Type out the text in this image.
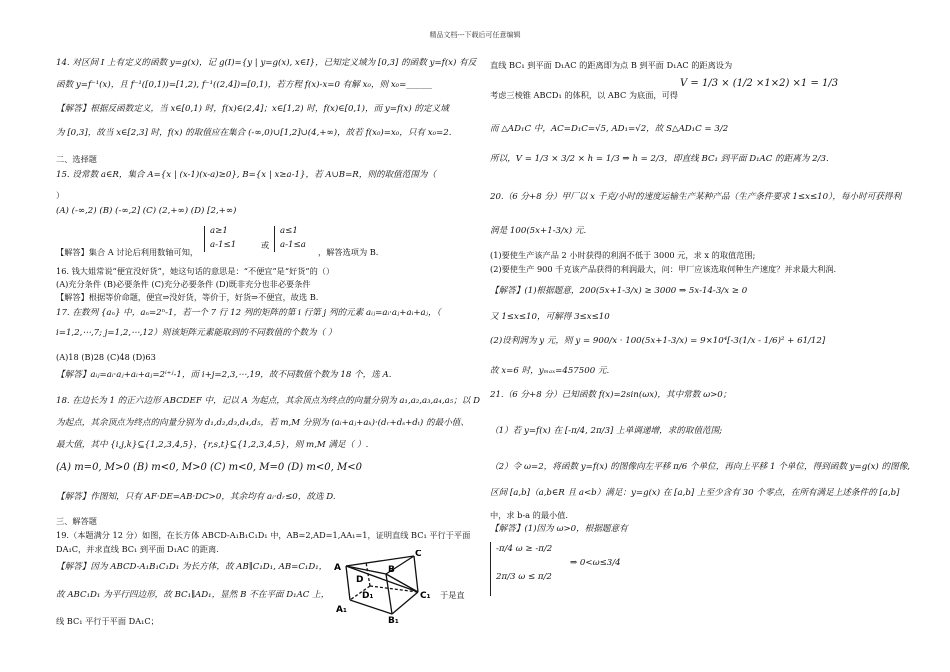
精品文档---下载后可任意编辑
14. 对区间 I 上有定义的函数 y=g(x)，记 g(I)={y | y=g(x), x∈I}，已知定义域为 [0,3] 的函数 y=f(x) 有反
函数 y=f⁻¹(x)，且 f⁻¹([0,1))=[1,2), f⁻¹((2,4])=[0,1)，若方程 f(x)-x=0 有解 x₀，则 x₀=______
【解答】根据反函数定义，当 x∈[0,1) 时，f(x)∈(2,4]；x∈[1,2) 时，f(x)∈[0,1)，而 y=f(x) 的定义域
为 [0,3]，故当 x∈[2,3] 时，f(x) 的取值应在集合 (-∞,0)∪[1,2]∪(4,+∞)，故若 f(x₀)=x₀，只有 x₀=2.
二、选择题
15. 设常数 a∈R，集合 A={x | (x-1)(x-a)≥0}, B={x | x≥a-1}，若 A∪B=R，则的取值范围为（
）
(A) (-∞,2) (B) (-∞,2] (C) (2,+∞) (D) [2,+∞)
a≥1
a-1≤1	或
a≤1
a-1≤a
【解答】集合 A 讨论后利用数轴可知，	，解答选项为 B.
16. 钱大姐常说“便宜没好货”，她这句话的意思是：“不便宜”是“好货”的（）
(A)充分条件 (B)必要条件 (C)充分必要条件 (D)既非充分也非必要条件
【解答】根据等价命题，便宜⇒没好货，等价于，好货⇒不便宜，故选 B.
17. 在数列 {aₙ} 中，aₙ=2ⁿ-1，若一个 7 行 12 列的矩阵的第 i 行第 j 列的元素 aᵢⱼ=aᵢ·aⱼ+aᵢ+aⱼ，（
i=1,2,⋯,7; j=1,2,⋯,12）则该矩阵元素能取到的不同数值的个数为（ ）
(A)18 (B)28 (C)48 (D)63
【解答】aᵢⱼ=aᵢ·aⱼ+aᵢ+aⱼ=2ⁱ⁺ʲ-1，而 i+j=2,3,⋯,19，故不同数值个数为 18 个，选 A.
18. 在边长为 1 的正六边形 ABCDEF 中，记以 A 为起点，其余顶点为终点的向量分别为 a₁,a₂,a₃,a₄,a₅；以 D
为起点，其余顶点为终点的向量分别为 d₁,d₂,d₃,d₄,d₅，若 m,M 分别为 (aᵢ+aⱼ+aₖ)·(dᵣ+dₛ+dₜ) 的最小值、
最大值，其中 {i,j,k}⊆{1,2,3,4,5}，{r,s,t}⊆{1,2,3,4,5}，则 m,M 满足（ ）.
(A) m=0, M>0 (B) m<0, M>0 (C) m<0, M=0 (D) m<0, M<0
【解答】作图知，只有 AF·DE=AB·DC>0，其余均有 aᵢ·dᵣ≤0，故选 D.
三、解答题
19.（本题满分 12 分）如图，在长方体 ABCD-A₁B₁C₁D₁ 中，AB=2,AD=1,AA₁=1，证明直线 BC₁ 平行于平面
DA₁C，并求直线 BC₁ 到平面 D₁AC 的距离.
【解答】因为 ABCD-A₁B₁C₁D₁ 为长方体，故 AB∥C₁D₁, AB=C₁D₁，
故 ABC₁D₁ 为平行四边形，故 BC₁∥AD₁，显然 B 不在平面 D₁AC 上，	于是直
线 BC₁ 平行于平面 DA₁C；
A
C
B
D
D₁	C₁
A₁
B₁
直线 BC₁ 到平面 D₁AC 的距离即为点 B 到平面 D₁AC 的距离设为
考虑三棱锥 ABCD₁ 的体积，以 ABC 为底面，可得
V = 1/3 × (1/2 ×1×2) ×1 = 1/3
而 △AD₁C 中，AC=D₁C=√5, AD₁=√2，故 S△AD₁C = 3/2
所以，V = 1/3 × 3/2 × h = 1/3 ⇒ h = 2/3，即直线 BC₁ 到平面 D₁AC 的距离为 2/3.
20.（6 分+8 分）甲厂以 x 千克/小时的速度运输生产某种产品（生产条件要求 1≤x≤10），每小时可获得利
润是 100(5x+1-3/x) 元.
(1)要使生产该产品 2 小时获得的利润不低于 3000 元，求 x 的取值范围;
(2)要使生产 900 千克该产品获得的利润最大，问：甲厂应该选取何种生产速度？并求最大利润.
【解答】(1)根据题意，200(5x+1-3/x) ≥ 3000 ⇒ 5x-14-3/x ≥ 0
又 1≤x≤10，可解得 3≤x≤10
(2)设利润为 y 元，则 y = 900/x · 100(5x+1-3/x) = 9×10⁴[-3(1/x - 1/6)² + 61/12]
故 x=6 时，yₘₐₓ=457500 元.
21.（6 分+8 分）已知函数 f(x)=2sin(ωx)，其中常数 ω>0；
（1）若 y=f(x) 在 [-π/4, 2π/3] 上单调递增，求的取值范围;
（2）令 ω=2，将函数 y=f(x) 的图像向左平移 π/6 个单位，再向上平移 1 个单位，得到函数 y=g(x) 的图像,
区间 [a,b]（a,b∈R 且 a<b）满足：y=g(x) 在 [a,b] 上至少含有 30 个零点，在所有满足上述条件的 [a,b]
中，求 b-a 的最小值.
【解答】(1)因为 ω>0，根据题意有
-π/4 ω ≥ -π/2
2π/3 ω ≤ π/2
⇒ 0<ω≤3/4
